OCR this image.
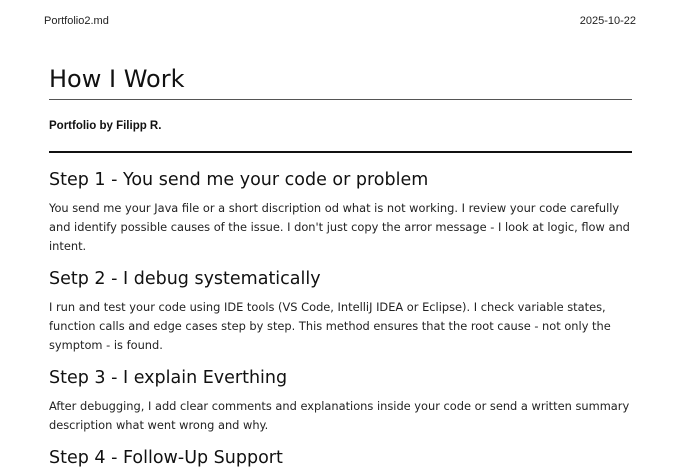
Portfolio2.md	2025-10-22
How I Work

Portfolio by Filipp R.

Step 1 - You send me your code or problem

You send me your Java file or a short discription od what is not working. I review your code carefully and identify possible causes of the issue. I don't just copy the arror message - I look at logic, flow and intent.

Setp 2 - I debug systematically

I run and test your code using IDE tools (VS Code, IntelliJ IDEA or Eclipse). I check variable states, function calls and edge cases step by step. This method ensures that the root cause - not only the symptom - is found.

Step 3 - I explain Everthing

After debugging, I add clear comments and explanations inside your code or send a written summary description what went wrong and why.

Step 4 - Follow-Up Support
